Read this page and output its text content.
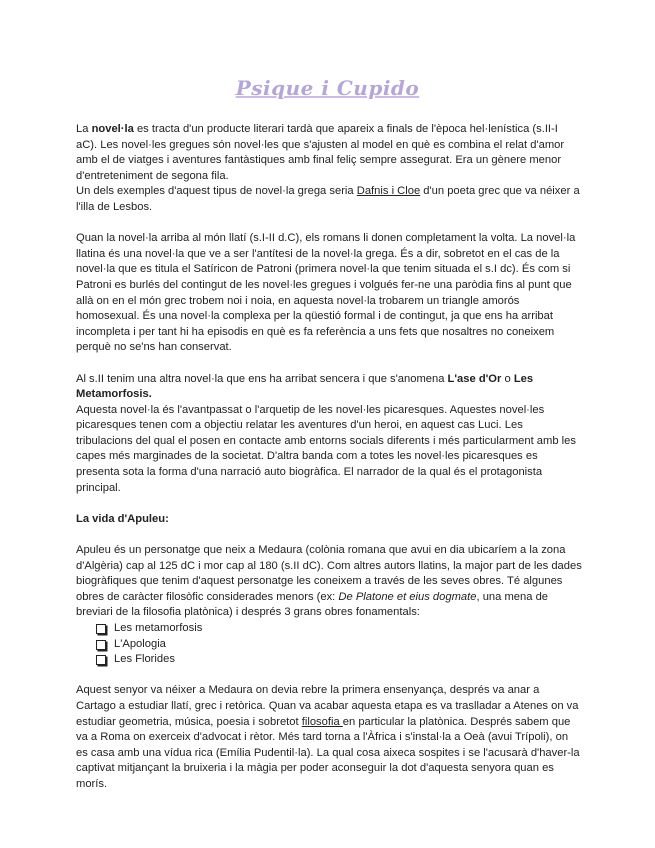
Psique i Cupido

La novel·la es tracta d'un producte literari tardà que apareix a finals de l'època hel·lenística (s.II-I aC). Les novel·les gregues són novel·les que s'ajusten al model en què es combina el relat d'amor amb el de viatges i aventures fantàstiques amb final feliç sempre assegurat. Era un gènere menor d'entreteniment de segona fila.

Un dels exemples d'aquest tipus de novel·la grega seria Dafnis i Cloe d'un poeta grec que va néixer a l'illa de Lesbos.

Quan la novel·la arriba al món llatí (s.I-II d.C), els romans li donen completament la volta. La novel·la llatina és una novel·la que ve a ser l'antítesi de la novel·la grega. És a dir, sobretot en el cas de la novel·la que es titula el Satíricon de Patroni (primera novel·la que tenim situada el s.I dc). És com si Patroni es burlés del contingut de les novel·les gregues i volgués fer-ne una paròdia fins al punt que allà on en el món grec trobem noi i noia, en aquesta novel·la trobarem un triangle amorós homosexual. És una novel·la complexa per la qüestió formal i de contingut, ja que ens ha arribat incompleta i per tant hi ha episodis en què es fa referència a uns fets que nosaltres no coneixem perquè no se'ns han conservat.

Al s.II tenim una altra novel·la que ens ha arribat sencera i que s'anomena L'ase d'Or o Les Metamorfosis.

Aquesta novel·la és l'avantpassat o l'arquetip de les novel·les picaresques. Aquestes novel·les picaresques tenen com a objectiu relatar les aventures d'un heroi, en aquest cas Luci. Les tribulacions del qual el posen en contacte amb entorns socials diferents i més particularment amb les capes més marginades de la societat. D'altra banda com a totes les novel·les picaresques es presenta sota la forma d'una narració auto biogràfica. El narrador de la qual és el protagonista principal.

La vida d'Apuleu:

Apuleu és un personatge que neix a Medaura (colònia romana que avui en dia ubicaríem a la zona d'Algèria) cap al 125 dC i mor cap al 180 (s.II dC). Com altres autors llatins, la major part de les dades biogràfiques que tenim d'aquest personatge les coneixem a través de les seves obres. Té algunes obres de caràcter filosòfic considerades menors (ex: De Platone et eius dogmate, una mena de breviari de la filosofia platònica) i després 3 grans obres fonamentals:

Les metamorfosis
L'Apologia
Les Florides

Aquest senyor va néixer a Medaura on devia rebre la primera ensenyança, després va anar a Cartago a estudiar llatí, grec i retòrica. Quan va acabar aquesta etapa es va traslladar a Atenes on va estudiar geometria, música, poesia i sobretot filosofia en particular la platònica. Després sabem que va a Roma on exerceix d'advocat i rètor. Més tard torna a l'Àfrica i s'instal·la a Oeà (avui Trípoli), on es casa amb una vídua rica (Emília Pudentil·la). La qual cosa aixeca sospites i se l'acusarà d'haver-la captivat mitjançant la bruixeria i la màgia per poder aconseguir la dot d'aquesta senyora quan es morís.
